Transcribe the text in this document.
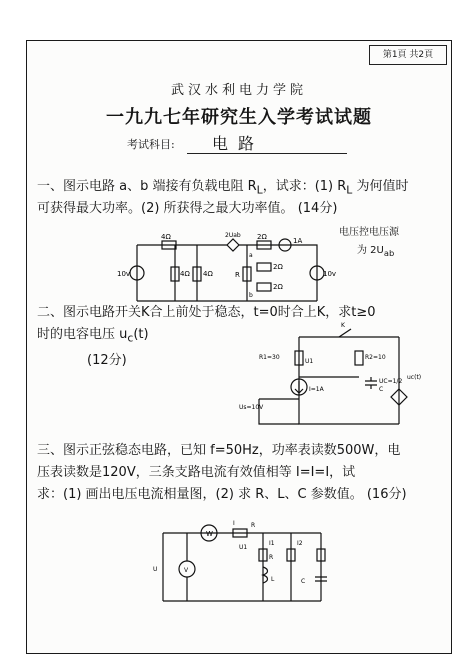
第1頁 共2頁
武汉水利电力学院
一九九七年研究生入学考试试题
考试科目: 电路
一、图示电路 a、b 端接有负载电阻 $R_L$，试求：(1) $R_L$ 为何值时
可获得最大功率。(2) 所获得之最大功率值。 (14分)
电压控电压源
为 $2U_{ab}$
10v
4Ω
4Ω 4Ω
2Uab 2Ω	1A
2Ω
R
2Ω
10v
a
b
二、图示电路开关K合上前处于稳态，t=0时合上K，求t≥0
时的电容电压 $u_c(t)$
(12分)
K
R1=30
U1
R2=10
I=1A
UC=1/2
C
Us=10V
uc(t)
三、图示正弦稳态电路，已知 f=50Hz，功率表读数500W，电
压表读数是120V，三条支路电流有效值相等 I=I=I，试
求：(1) 画出电压电流相量图，(2) 求 R、L、C 参数值。 (16分)
W
I	R
U1
I1	I2
R
L	C
V
U
